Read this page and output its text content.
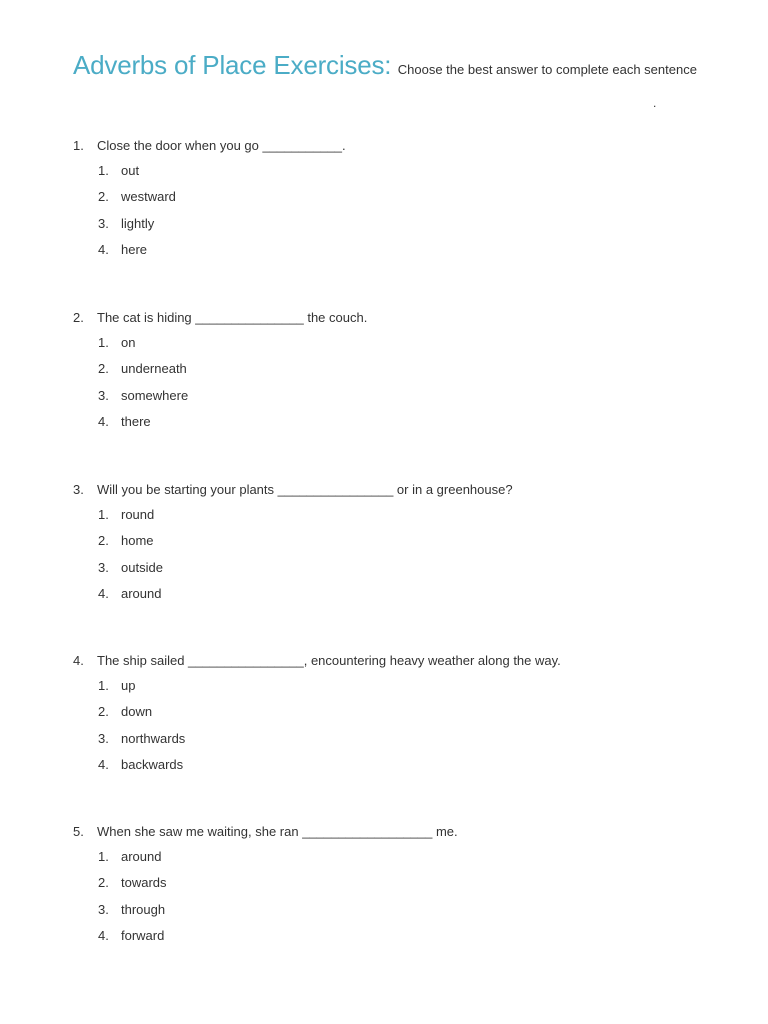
Adverbs of Place Exercises: Choose the best answer to complete each sentence
.
1. Close the door when you go ___________.
1. out
2. westward
3. lightly
4. here
2. The cat is hiding _______________ the couch.
1. on
2. underneath
3. somewhere
4. there
3. Will you be starting your plants ________________ or in a greenhouse?
1. round
2. home
3. outside
4. around
4. The ship sailed ________________, encountering heavy weather along the way.
1. up
2. down
3. northwards
4. backwards
5. When she saw me waiting, she ran __________________ me.
1. around
2. towards
3. through
4. forward
